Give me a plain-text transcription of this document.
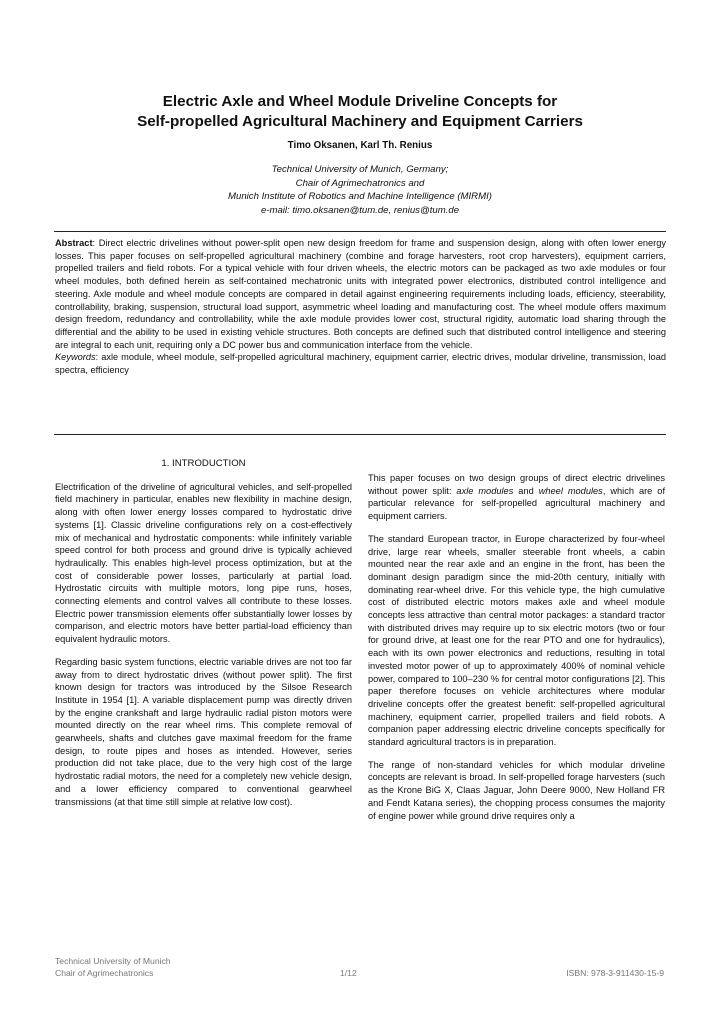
Electric Axle and Wheel Module Driveline Concepts for
Self-propelled Agricultural Machinery and Equipment Carriers
Timo Oksanen, Karl Th. Renius
Technical University of Munich, Germany;
Chair of Agrimechatronics and
Munich Institute of Robotics and Machine Intelligence (MIRMI)
e-mail: timo.oksanen@tum.de, renius@tum.de
Abstract: Direct electric drivelines without power-split open new design freedom for frame and suspension design, along with often lower energy losses. This paper focuses on self-propelled agricultural machinery (combine and forage harvesters, root crop harvesters), equipment carriers, propelled trailers and field robots. For a typical vehicle with four driven wheels, the electric motors can be packaged as two axle modules or four wheel modules, both defined herein as self-contained mechatronic units with integrated power electronics, distributed control intelligence and steering. Axle module and wheel module concepts are compared in detail against engineering requirements including loads, efficiency, steerability, controllability, braking, suspension, structural load support, asymmetric wheel loading and manufacturing cost. The wheel module offers maximum design freedom, redundancy and controllability, while the axle module provides lower cost, structural rigidity, automatic load sharing through the differential and the ability to be used in existing vehicle structures. Both concepts are defined such that distributed control intelligence and steering are integral to each unit, requiring only a DC power bus and communication interface from the vehicle.
Keywords: axle module, wheel module, self-propelled agricultural machinery, equipment carrier, electric drives, modular driveline, transmission, load spectra, efficiency
1. INTRODUCTION

Electrification of the driveline of agricultural vehicles, and self-propelled field machinery in particular, enables new flexibility in machine design, along with often lower energy losses compared to hydrostatic drive systems [1]. Classic driveline configurations rely on a cost-effectively mix of mechanical and hydrostatic components: while infinitely variable speed control for both process and ground drive is typically achieved hydraulically. This enables high-level process optimization, but at the cost of considerable power losses, particularly at partial load. Hydrostatic circuits with multiple motors, long pipe runs, hoses, connecting elements and control valves all contribute to these losses. Electric power transmission elements offer substantially lower losses by comparison, and electric motors have better partial-load efficiency than equivalent hydraulic motors.

Regarding basic system functions, electric variable drives are not too far away from to direct hydrostatic drives (without power split). The first known design for tractors was introduced by the Silsoe Research Institute in 1954 [1]. A variable displacement pump was directly driven by the engine crankshaft and large hydraulic radial piston motors were mounted directly on the rear wheel rims. This complete removal of gearwheels, shafts and clutches gave maximal freedom for the frame design, to route pipes and hoses as intended. However, series production did not take place, due to the very high cost of the large hydrostatic radial motors, the need for a completely new vehicle design, and a lower efficiency compared to conventional gearwheel transmissions (at that time still simple at relative low cost).

This paper focuses on two design groups of direct electric drivelines without power split: axle modules and wheel modules, which are of particular relevance for self-propelled agricultural machinery and equipment carriers.

The standard European tractor, in Europe characterized by four-wheel drive, large rear wheels, smaller steerable front wheels, a cabin mounted near the rear axle and an engine in the front, has been the dominant design paradigm since the mid-20th century, initially with dominating rear-wheel drive. For this vehicle type, the high cumulative cost of distributed electric motors makes axle and wheel module concepts less attractive than central motor packages: a standard tractor with distributed drives may require up to six electric motors (two or four for ground drive, at least one for the rear PTO and one for hydraulics), each with its own power electronics and reductions, resulting in total invested motor power of up to approximately 400% of nominal vehicle power, compared to 100–230 % for central motor configurations [2]. This paper therefore focuses on vehicle architectures where modular driveline concepts offer the greatest benefit: self-propelled agricultural machinery, equipment carrier, propelled trailers and field robots. A companion paper addressing electric driveline concepts specifically for standard agricultural tractors is in preparation.

The range of non-standard vehicles for which modular driveline concepts are relevant is broad. In self-propelled forage harvesters (such as the Krone BiG X, Claas Jaguar, John Deere 9000, New Holland FR and Fendt Katana series), the chopping process consumes the majority of engine power while ground drive requires only a

Technical University of Munich
Chair of Agrimechatronics	1/12	ISBN: 978-3-911430-15-9
